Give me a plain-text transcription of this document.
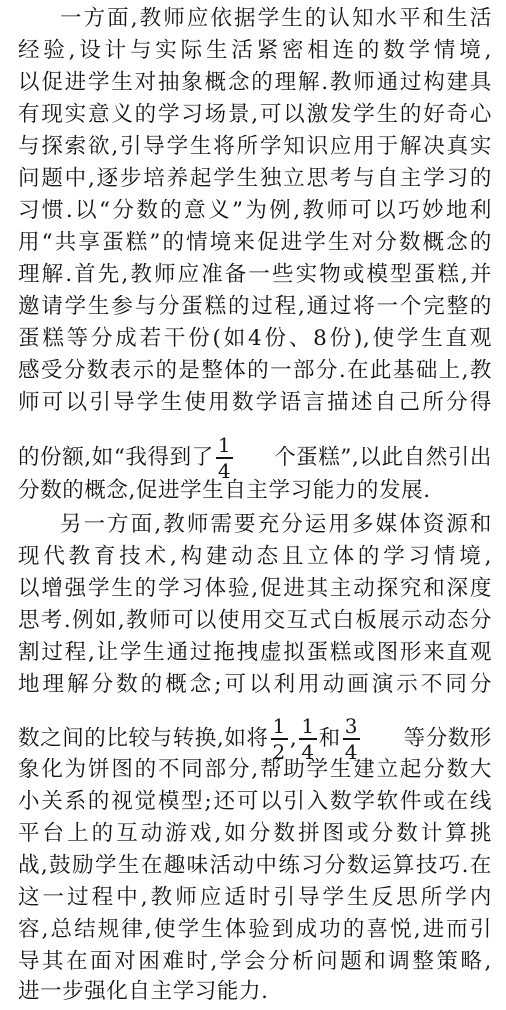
一方面,教师应依据学生的认知水平和生活
经验,设计与实际生活紧密相连的数学情境,
以促进学生对抽象概念的理解.教师通过构建具
有现实意义的学习场景,可以激发学生的好奇心
与探索欲,引导学生将所学知识应用于解决真实
问题中,逐步培养起学生独立思考与自主学习的
习惯.以“分数的意义”为例,教师可以巧妙地利
用“共享蛋糕”的情境来促进学生对分数概念的
理解.首先,教师应准备一些实物或模型蛋糕,并
邀请学生参与分蛋糕的过程,通过将一个完整的
蛋糕等分成若干份(如4份、8份),使学生直观
感受分数表示的是整体的一部分.在此基础上,教
师可以引导学生使用数学语言描述自己所分得
的份额,如“我得到了 $\frac{1}{4}$ 个蛋糕”,以此自然引出
分数的概念,促进学生自主学习能力的发展.
另一方面,教师需要充分运用多媒体资源和
现代教育技术,构建动态且立体的学习情境,
以增强学生的学习体验,促进其主动探究和深度
思考.例如,教师可以使用交互式白板展示动态分
割过程,让学生通过拖拽虚拟蛋糕或图形来直观
地理解分数的概念;可以利用动画演示不同分
数之间的比较与转换,如将 $\frac{1}{2}$ , $\frac{1}{4}$ 和 $\frac{3}{4}$ 等分数形
象化为饼图的不同部分,帮助学生建立起分数大
小关系的视觉模型;还可以引入数学软件或在线
平台上的互动游戏,如分数拼图或分数计算挑
战,鼓励学生在趣味活动中练习分数运算技巧.在
这一过程中,教师应适时引导学生反思所学内
容,总结规律,使学生体验到成功的喜悦,进而引
导其在面对困难时,学会分析问题和调整策略,
进一步强化自主学习能力.
